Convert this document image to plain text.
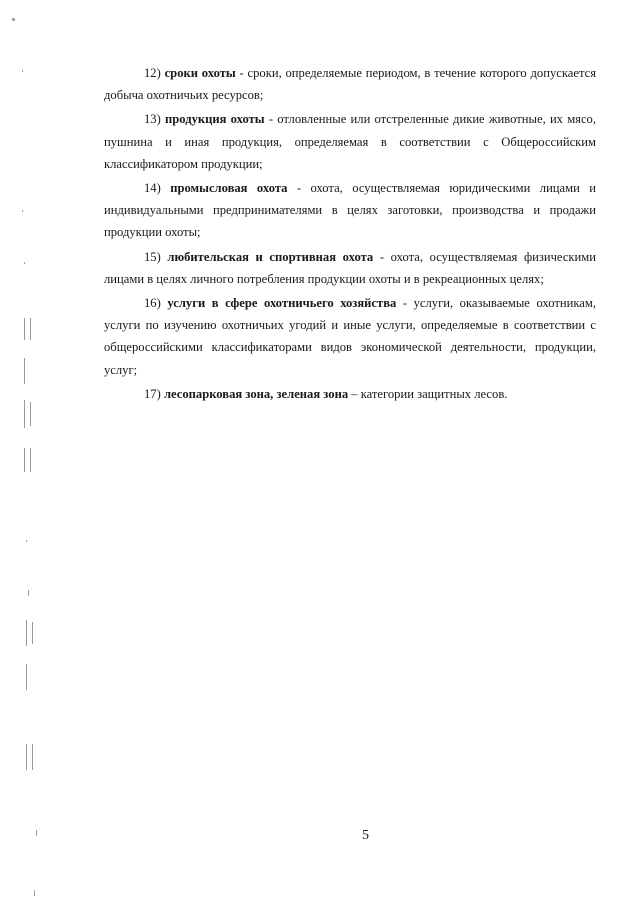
12) сроки охоты - сроки, определяемые периодом, в течение которого допускается добыча охотничьих ресурсов;

13) продукция охоты - отловленные или отстреленные дикие животные, их мясо, пушнина и иная продукция, определяемая в соответствии с Общероссийским классификатором продукции;

14) промысловая охота - охота, осуществляемая юридическими лицами и индивидуальными предпринимателями в целях заготовки, производства и продажи продукции охоты;

15) любительская и спортивная охота - охота, осуществляемая физическими лицами в целях личного потребления продукции охоты и в рекреационных целях;

16) услуги в сфере охотничьего хозяйства - услуги, оказываемые охотникам, услуги по изучению охотничьих угодий и иные услуги, определяемые в соответствии с общероссийскими классификаторами видов экономической деятельности, продукции, услуг;

17) лесопарковая зона, зеленая зона – категории защитных лесов.

5
